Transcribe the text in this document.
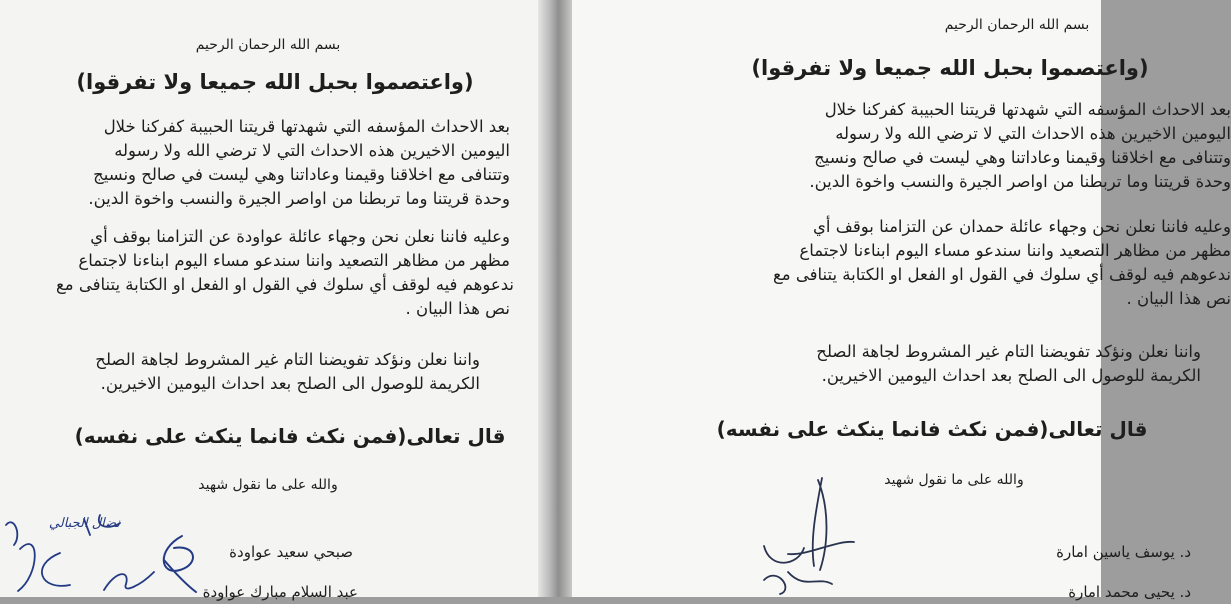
بسم الله الرحمان الرحيم
(واعتصموا بحبل الله جميعا ولا تفرقوا)
بعد الاحداث المؤسفه التي شهدتها قريتنا الحبيبة كفركنا خلال
اليومين الاخيرين هذه الاحداث التي لا ترضي الله ولا رسوله
وتتنافى مع اخلاقنا وقيمنا وعاداتنا وهي ليست في صالح ونسيج
وحدة قريتنا وما تربطنا من اواصر الجيرة والنسب واخوة الدين.
وعليه فاننا نعلن نحن وجهاء عائلة عواودة عن التزامنا بوقف أي
مظهر من مظاهر التصعيد واننا سندعو مساء اليوم ابناءنا لاجتماع
ندعوهم فيه لوقف أي سلوك في القول او الفعل او الكتابة يتنافى مع
نص هذا البيان .
واننا نعلن ونؤكد تفويضنا التام غير المشروط لجاهة الصلح
الكريمة للوصول الى الصلح بعد احداث اليومين الاخيرين.
قال تعالى(فمن نكث فانما ينكث على نفسه)
والله على ما نقول شهيد
صبحي سعيد عواودة
عبد السلام مبارك عواودة
نضال الجبالي
بسم الله الرحمان الرحيم
(واعتصموا بحبل الله جميعا ولا تفرقوا)
بعد الاحداث المؤسفه التي شهدتها قريتنا الحبيبة كفركنا خلال
اليومين الاخيرين هذه الاحداث التي لا ترضي الله ولا رسوله
وتتنافى مع اخلاقنا وقيمنا وعاداتنا وهي ليست في صالح ونسيج
وحدة قريتنا وما تربطنا من اواصر الجيرة والنسب واخوة الدين.
وعليه فاننا نعلن نحن وجهاء عائلة حمدان عن التزامنا بوقف أي
مظهر من مظاهر التصعيد واننا سندعو مساء اليوم ابناءنا لاجتماع
ندعوهم فيه لوقف أي سلوك في القول او الفعل او الكتابة يتنافى مع
نص هذا البيان .
واننا نعلن ونؤكد تفويضنا التام غير المشروط لجاهة الصلح
الكريمة للوصول الى الصلح بعد احداث اليومين الاخيرين.
قال تعالى(فمن نكث فانما ينكث على نفسه)
والله على ما نقول شهيد
د. يوسف ياسين امارة
د. يحيى محمد امارة
